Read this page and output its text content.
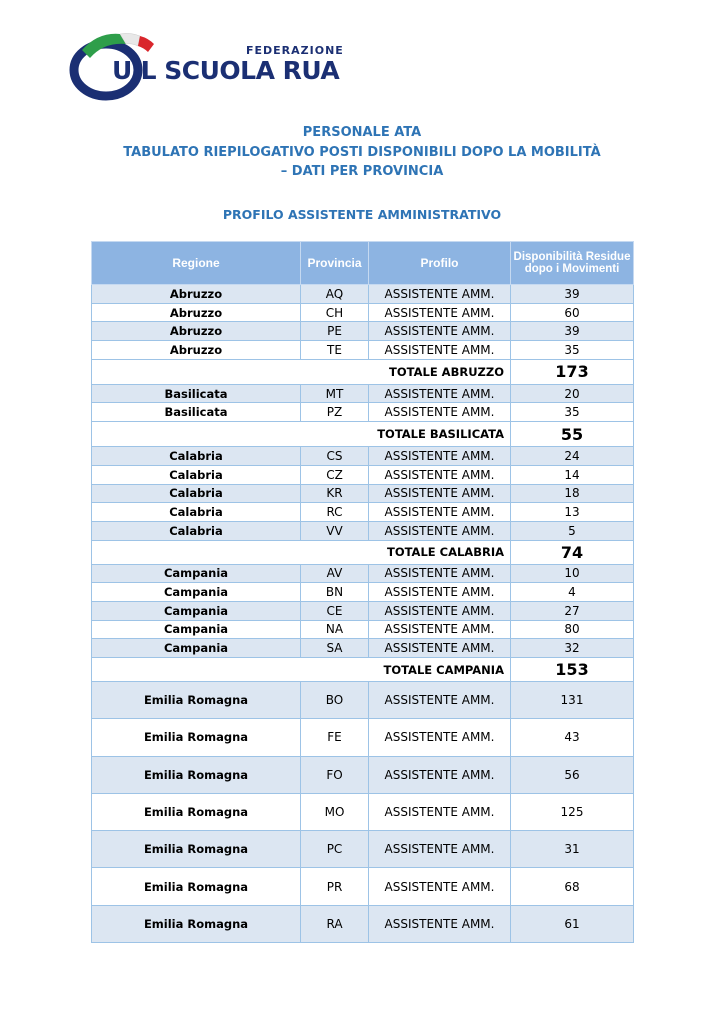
FEDERAZIONE
UIL SCUOLA RUA
PERSONALE ATA
TABULATO RIEPILOGATIVO POSTI DISPONIBILI DOPO LA MOBILITÀ
– DATI PER PROVINCIA
PROFILO ASSISTENTE AMMINISTRATIVO
Regione	Provincia	Profilo	Disponibilità Residue dopo i Movimenti
Abruzzo	AQ	ASSISTENTE AMM.	39
Abruzzo	CH	ASSISTENTE AMM.	60
Abruzzo	PE	ASSISTENTE AMM.	39
Abruzzo	TE	ASSISTENTE AMM.	35
TOTALE ABRUZZO			173
Basilicata	MT	ASSISTENTE AMM.	20
Basilicata	PZ	ASSISTENTE AMM.	35
TOTALE BASILICATA			55
Calabria	CS	ASSISTENTE AMM.	24
Calabria	CZ	ASSISTENTE AMM.	14
Calabria	KR	ASSISTENTE AMM.	18
Calabria	RC	ASSISTENTE AMM.	13
Calabria	VV	ASSISTENTE AMM.	5
TOTALE CALABRIA			74
Campania	AV	ASSISTENTE AMM.	10
Campania	BN	ASSISTENTE AMM.	4
Campania	CE	ASSISTENTE AMM.	27
Campania	NA	ASSISTENTE AMM.	80
Campania	SA	ASSISTENTE AMM.	32
TOTALE CAMPANIA			153
Emilia Romagna	BO	ASSISTENTE AMM.	131
Emilia Romagna	FE	ASSISTENTE AMM.	43
Emilia Romagna	FO	ASSISTENTE AMM.	56
Emilia Romagna	MO	ASSISTENTE AMM.	125
Emilia Romagna	PC	ASSISTENTE AMM.	31
Emilia Romagna	PR	ASSISTENTE AMM.	68
Emilia Romagna	RA	ASSISTENTE AMM.	61
